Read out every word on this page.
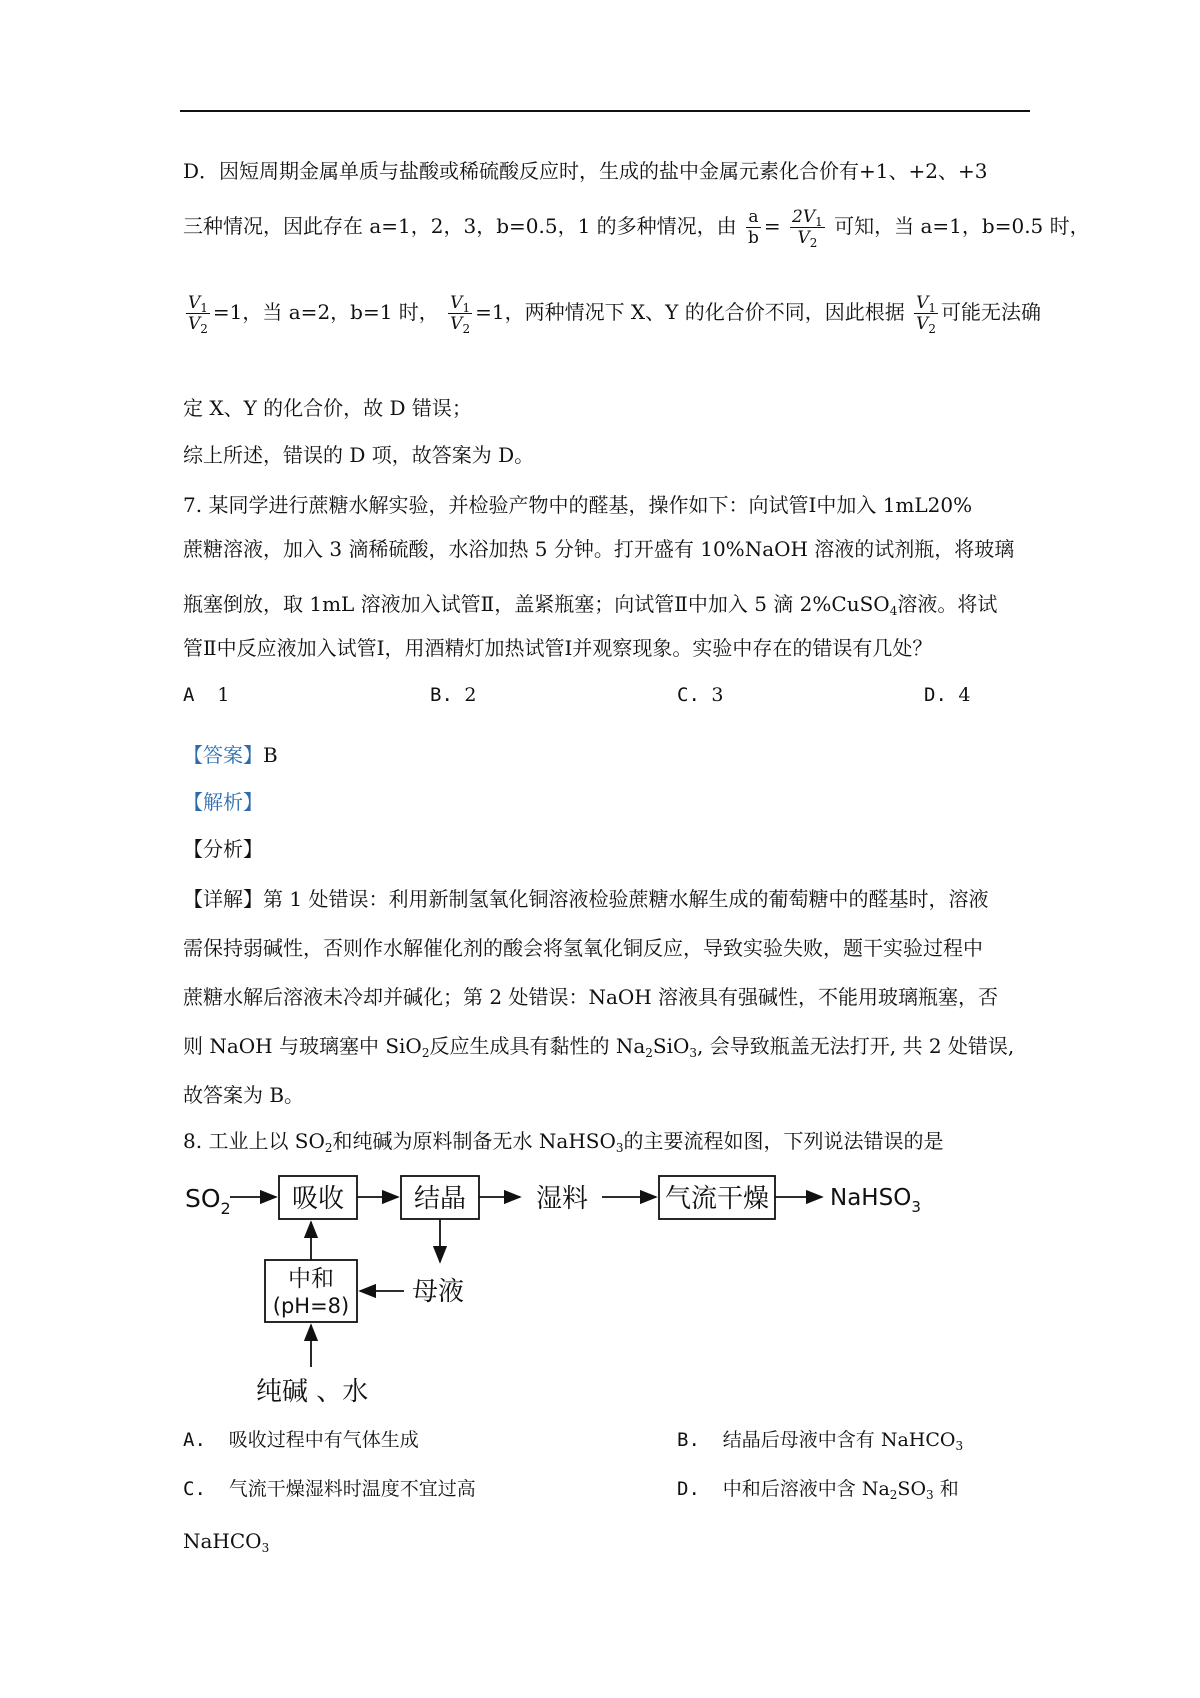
D．因短周期金属单质与盐酸或稀硫酸反应时，生成的盐中金属元素化合价有+1、+2、+3
三种情况，因此存在 a=1，2，3，b=0.5，1 的多种情况，由 $\frac{a}{b} = \frac{2V_1}{V_2}$ 可知，当 a=1，b=0.5 时，
$\frac{V_1}{V_2} =1$，当 a=2，b=1 时， $\frac{V_1}{V_2} =1$，两种情况下 X、Y 的化合价不同，因此根据 $\frac{V_1}{V_2}$ 可能无法确
定 X、Y 的化合价，故 D 错误；
综上所述，错误的 D 项，故答案为 D。
7. 某同学进行蔗糖水解实验，并检验产物中的醛基，操作如下：向试管Ⅰ中加入 1mL20%
蔗糖溶液，加入 3 滴稀硫酸，水浴加热 5 分钟。打开盛有 10%NaOH 溶液的试剂瓶，将玻璃
瓶塞倒放，取 1mL 溶液加入试管Ⅱ，盖紧瓶塞；向试管Ⅱ中加入 5 滴 2%CuSO$_4$溶液。将试
管Ⅱ中反应液加入试管Ⅰ，用酒精灯加热试管Ⅰ并观察现象。实验中存在的错误有几处？
A 1	B. 2	C. 3	D. 4
【答案】B
【解析】
【分析】
【详解】第 1 处错误：利用新制氢氧化铜溶液检验蔗糖水解生成的葡萄糖中的醛基时，溶液
需保持弱碱性，否则作水解催化剂的酸会将氢氧化铜反应，导致实验失败，题干实验过程中
蔗糖水解后溶液未冷却并碱化；第 2 处错误：NaOH 溶液具有强碱性，不能用玻璃瓶塞，否
则 NaOH 与玻璃塞中 SiO$_2$反应生成具有黏性的 $Na_2SiO_3$, 会导致瓶盖无法打开, 共 2 处错误,
故答案为 B。
8. 工业上以 $SO_2$和纯碱为原料制备无水 NaHSO$_3$的主要流程如图，下列说法错误的是
$SO_2$ 吸收	结晶	湿料	气流干燥	NaHSO$_3$
母液
中和
(pH=8)
纯碱 、水
A. 吸收过程中有气体生成	B. 结晶后母液中含有 NaHCO$_3$
C. 气流干燥湿料时温度不宜过高	D. 中和后溶液中含 $Na_2SO_3$ 和
NaHCO$_3$
